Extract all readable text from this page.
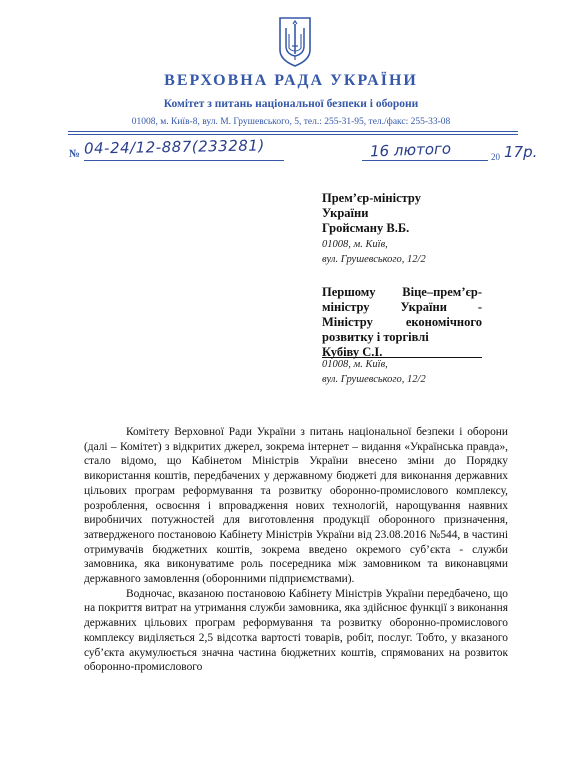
ВЕРХОВНА РАДА УКРАЇНИ
Комітет з питань національної безпеки і оборони
01008, м. Київ-8, вул. М. Грушевського, 5, тел.: 255-31-95, тел./факс: 255-33-08
№ 04-24/12-887(233281)	16 лютого	20 17р.
Прем’єр-міністру
України
Гройсману В.Б.
01008, м. Київ,
вул. Грушевського, 12/2
Першому Віце–прем’єр-
міністру України -
Міністру економічного
розвитку і торгівлі
Кубіву С.І.
01008, м. Київ,
вул. Грушевського, 12/2

Комітету Верховної Ради України з питань національної безпеки і оборони (далі – Комітет) з відкритих джерел, зокрема інтернет – видання «Українська правда», стало відомо, що Кабінетом Міністрів України внесено зміни до Порядку використання коштів, передбачених у державному бюджеті для виконання державних цільових програм реформування та розвитку оборонно-промислового комплексу, розроблення, освоєння і впровадження нових технологій, нарощування наявних виробничих потужностей для виготовлення продукції оборонного призначення, затвердженого постановою Кабінету Міністрів України від 23.08.2016 №544, в частині отримувачів бюджетних коштів, зокрема введено окремого суб’єкта - служби замовника, яка виконуватиме роль посередника між замовником та виконавцями державного замовлення (оборонними підприємствами).

Водночас, вказаною постановою Кабінету Міністрів України передбачено, що на покриття витрат на утримання служби замовника, яка здійснює функції з виконання державних цільових програм реформування та розвитку оборонно-промислового комплексу виділяється 2,5 відсотка вартості товарів, робіт, послуг. Тобто, у вказаного суб’єкта акумулюється значна частина бюджетних коштів, спрямованих на розвиток оборонно-промислового
